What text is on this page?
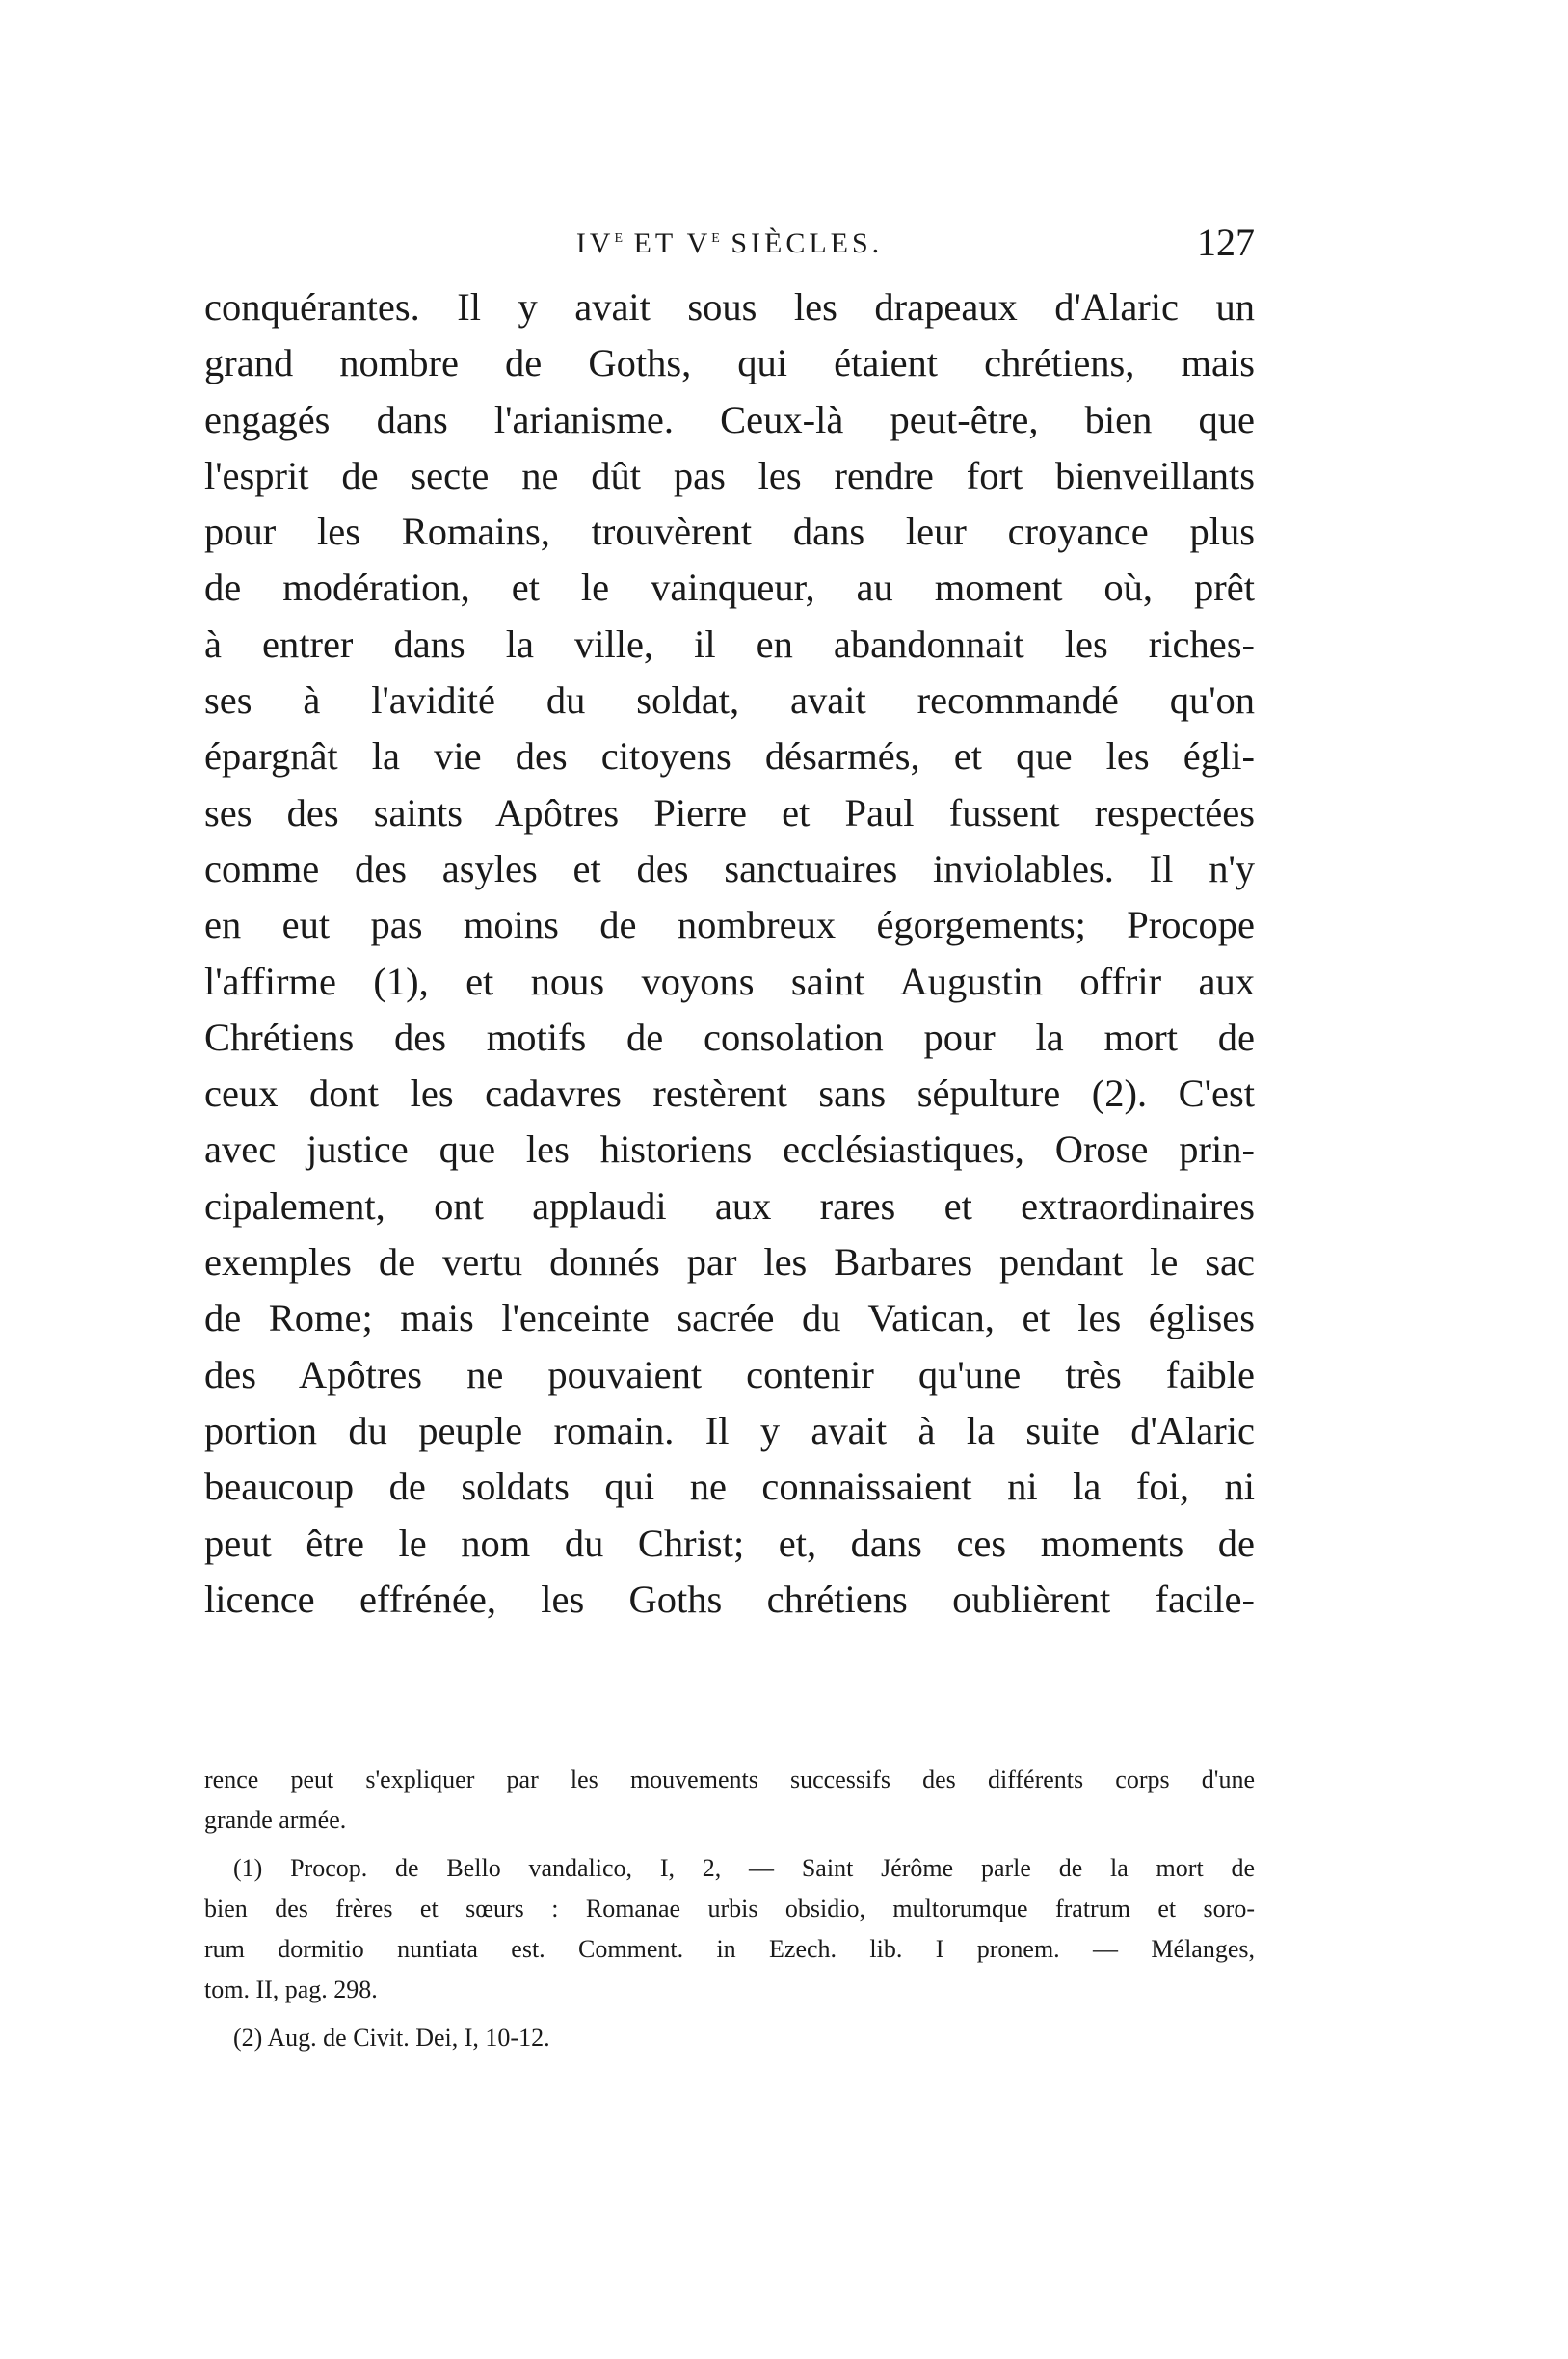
IVe ET Ve SIÈCLES.	127
conquérantes. Il y avait sous les drapeaux d'Alaric un
grand nombre de Goths, qui étaient chrétiens, mais
engagés dans l'arianisme. Ceux-là peut-être, bien que
l'esprit de secte ne dût pas les rendre fort bienveillants
pour les Romains, trouvèrent dans leur croyance plus
de modération, et le vainqueur, au moment où, prêt
à entrer dans la ville, il en abandonnait les riches-
ses à l'avidité du soldat, avait recommandé qu'on
épargnât la vie des citoyens désarmés, et que les égli-
ses des saints Apôtres Pierre et Paul fussent respectées
comme des asyles et des sanctuaires inviolables. Il n'y
en eut pas moins de nombreux égorgements; Procope
l'affirme (1), et nous voyons saint Augustin offrir aux
Chrétiens des motifs de consolation pour la mort de
ceux dont les cadavres restèrent sans sépulture (2). C'est
avec justice que les historiens ecclésiastiques, Orose prin-
cipalement, ont applaudi aux rares et extraordinaires
exemples de vertu donnés par les Barbares pendant le sac
de Rome; mais l'enceinte sacrée du Vatican, et les églises
des Apôtres ne pouvaient contenir qu'une très faible
portion du peuple romain. Il y avait à la suite d'Alaric
beaucoup de soldats qui ne connaissaient ni la foi, ni
peut être le nom du Christ; et, dans ces moments de
licence effrénée, les Goths chrétiens oublièrent facile-
rence peut s'expliquer par les mouvements successifs des différents corps d'une
grande armée.
(1) Procop. de Bello vandalico, I, 2, — Saint Jérôme parle de la mort de
bien des frères et sœurs : Romanae urbis obsidio, multorumque fratrum et soro-
rum dormitio nuntiata est. Comment. in Ezech. lib. I pronem. — Mélanges,
tom. II, pag. 298.
(2) Aug. de Civit. Dei, I, 10-12.
